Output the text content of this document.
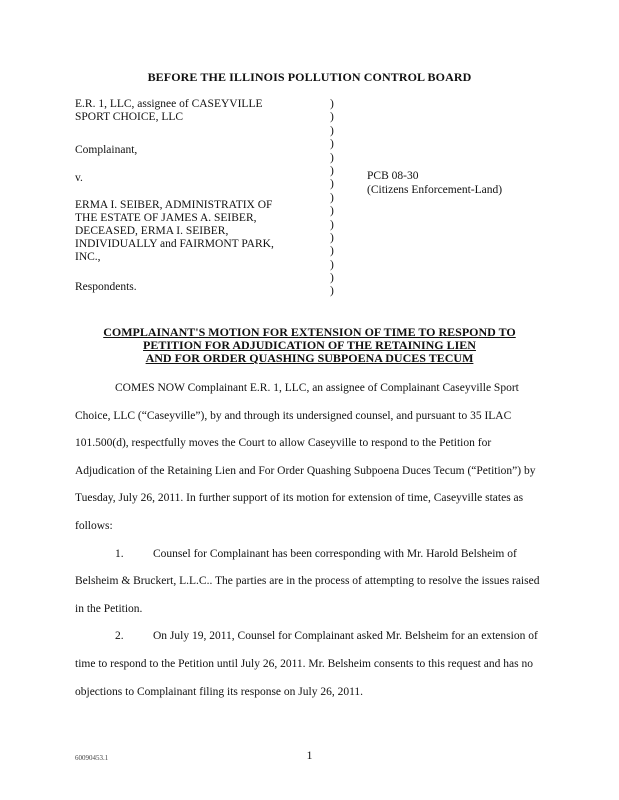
BEFORE THE ILLINOIS POLLUTION CONTROL BOARD
E.R. 1, LLC, assignee of CASEYVILLE
SPORT CHOICE, LLC
Complainant,
v.
ERMA I. SEIBER, ADMINISTRATIX OF
THE ESTATE OF JAMES A. SEIBER,
DECEASED, ERMA I. SEIBER,
INDIVIDUALLY and FAIRMONT PARK,
INC.,
Respondents.
)
)
)
)
)
)
)
)
)
)
)
)
)
)
)
PCB 08-30
(Citizens Enforcement-Land)
COMPLAINANT'S MOTION FOR EXTENSION OF TIME TO RESPOND TO
PETITION FOR ADJUDICATION OF THE RETAINING LIEN
AND FOR ORDER QUASHING SUBPOENA DUCES TECUM

COMES NOW Complainant E.R. 1, LLC, an assignee of Complainant Caseyville Sport Choice, LLC (“Caseyville”), by and through its undersigned counsel, and pursuant to 35 ILAC 101.500(d), respectfully moves the Court to allow Caseyville to respond to the Petition for Adjudication of the Retaining Lien and For Order Quashing Subpoena Duces Tecum (“Petition”) by Tuesday, July 26, 2011. In further support of its motion for extension of time, Caseyville states as follows:

1.	Counsel for Complainant has been corresponding with Mr. Harold Belsheim of Belsheim & Bruckert, L.L.C.. The parties are in the process of attempting to resolve the issues raised in the Petition.

2.	On July 19, 2011, Counsel for Complainant asked Mr. Belsheim for an extension of time to respond to the Petition until July 26, 2011. Mr. Belsheim consents to this request and has no objections to Complainant filing its response on July 26, 2011.

60090453.1	1
